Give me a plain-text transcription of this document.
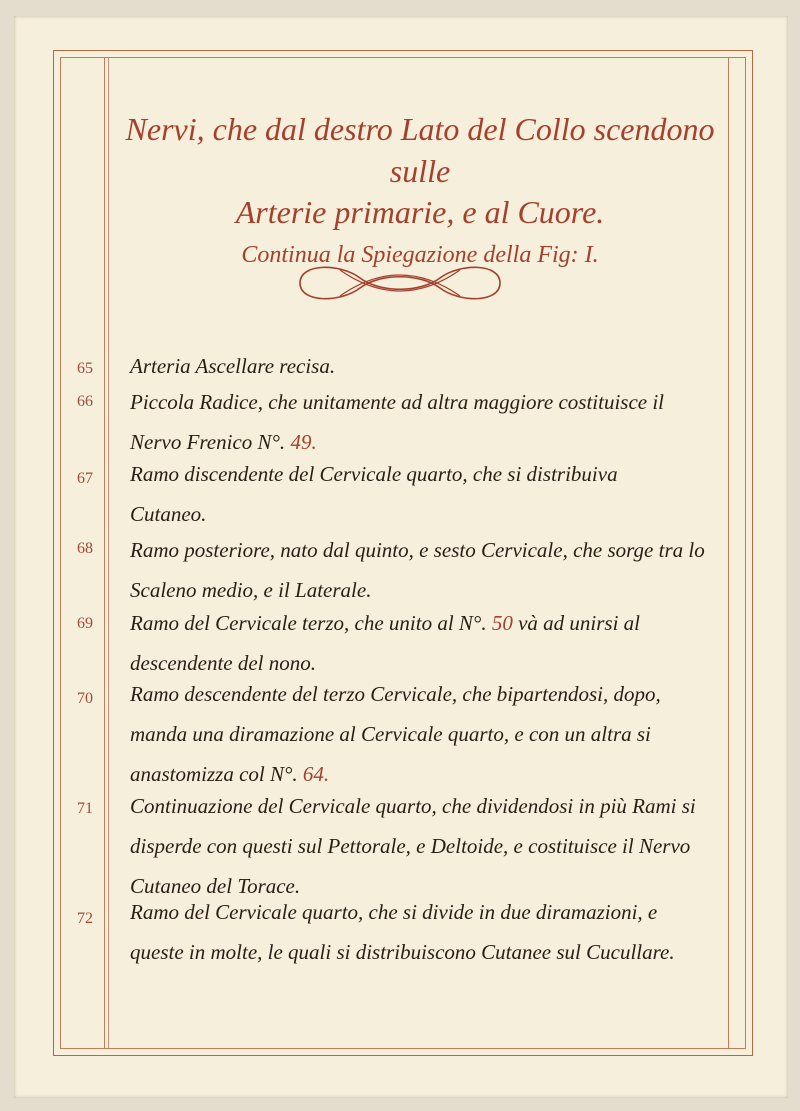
Nervi, che dal destro Lato del Collo scendono sulle
Arterie primarie, e al Cuore.
Continua la Spiegazione della Fig: I.
65	Arteria Ascellare recisa.
66	Piccola Radice, che unitamente ad altra maggiore costituisce il Nervo Frenico N°. 49.
67	Ramo discendente del Cervicale quarto, che si distribuiva Cutaneo.
68	Ramo posteriore, nato dal quinto, e sesto Cervicale, che sorge tra lo Scaleno medio, e il Laterale.
69	Ramo del Cervicale terzo, che unito al N°. 50 và ad unirsi al descendente del nono.
70	Ramo descendente del terzo Cervicale, che bipartendosi, dopo, manda una diramazione al Cervicale quarto, e con un altra si anastomizza col N°. 64.
71	Continuazione del Cervicale quarto, che dividendosi in più Rami si disperde con questi sul Pettorale, e Deltoide, e costituisce il Nervo Cutaneo del Torace.
72	Ramo del Cervicale quarto, che si divide in due diramazioni, e queste in molte, le quali si distribuiscono Cutanee sul Cucullare.
